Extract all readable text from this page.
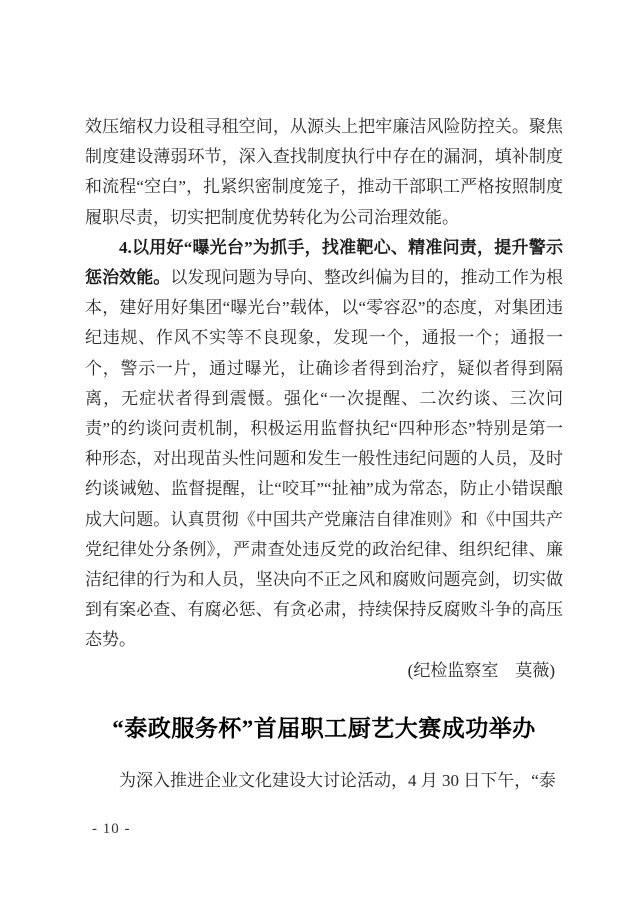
效压缩权力设租寻租空间，从源头上把牢廉洁风险防控关。聚焦制度建设薄弱环节，深入查找制度执行中存在的漏洞，填补制度和流程“空白”，扎紧织密制度笼子，推动干部职工严格按照制度履职尽责，切实把制度优势转化为公司治理效能。

4.以用好“曝光台”为抓手，找准靶心、精准问责，提升警示惩治效能。以发现问题为导向、整改纠偏为目的，推动工作为根本，建好用好集团“曝光台”载体，以“零容忍”的态度，对集团违纪违规、作风不实等不良现象，发现一个，通报一个；通报一个，警示一片，通过曝光，让确诊者得到治疗，疑似者得到隔离，无症状者得到震慑。强化“一次提醒、二次约谈、三次问责”的约谈问责机制，积极运用监督执纪“四种形态”特别是第一种形态，对出现苗头性问题和发生一般性违纪问题的人员，及时约谈诫勉、监督提醒，让“咬耳”“扯袖”成为常态，防止小错误酿成大问题。认真贯彻《中国共产党廉洁自律准则》和《中国共产党纪律处分条例》，严肃查处违反党的政治纪律、组织纪律、廉洁纪律的行为和人员，坚决向不正之风和腐败问题亮剑，切实做到有案必查、有腐必惩、有贪必肃，持续保持反腐败斗争的高压态势。

(纪检监察室　莫薇)

“泰政服务杯”首届职工厨艺大赛成功举办

为深入推进企业文化建设大讨论活动，4 月 30 日下午，“泰

- 10 -
